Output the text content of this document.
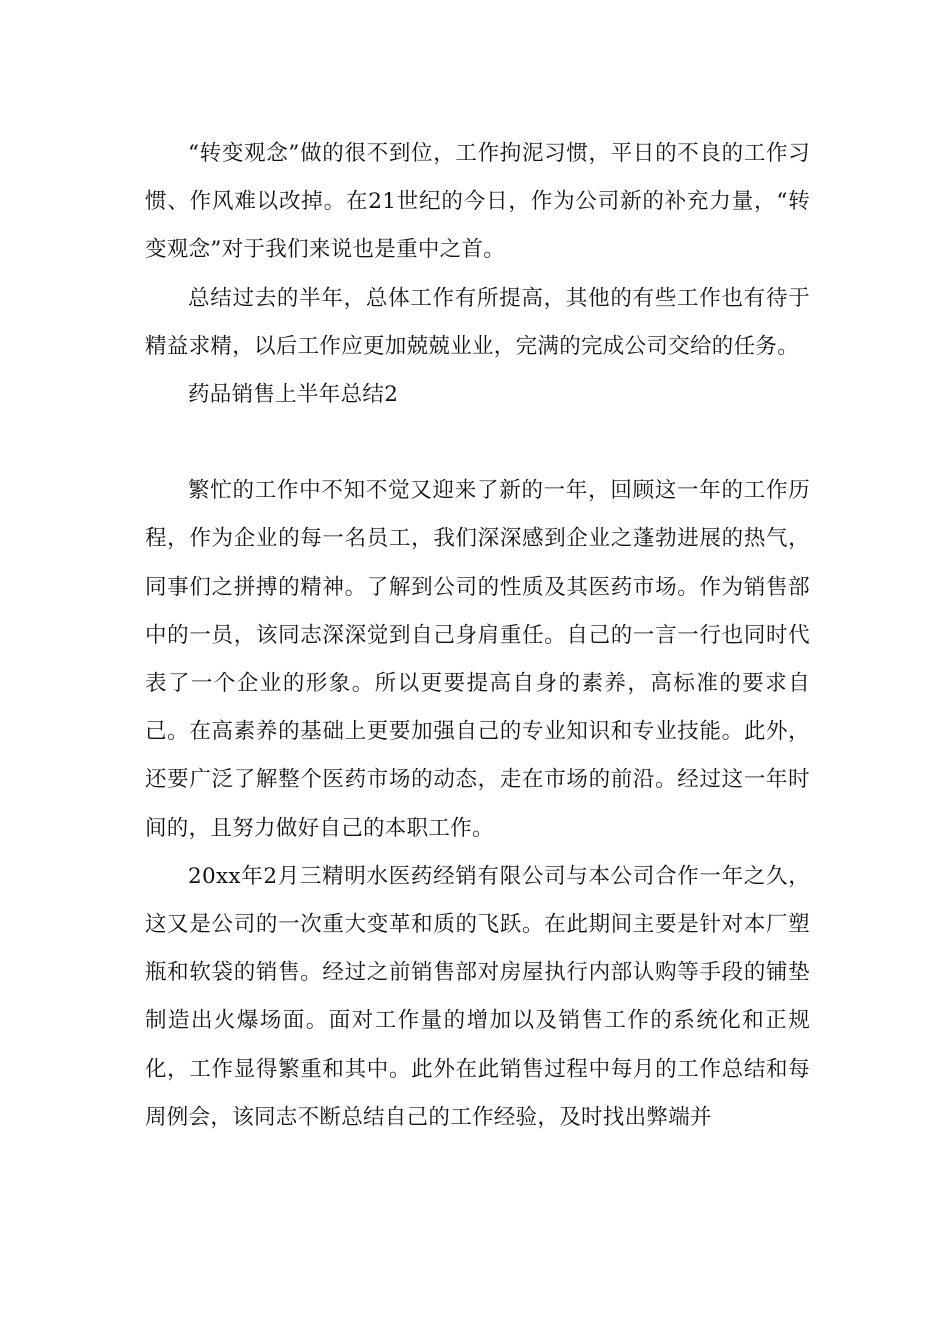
“转变观念”做的很不到位，工作拘泥习惯，平日的不良的工作习惯、作风难以改掉。在21世纪的今日，作为公司新的补充力量，“转变观念”对于我们来说也是重中之首。

总结过去的半年，总体工作有所提高，其他的有些工作也有待于精益求精，以后工作应更加兢兢业业，完满的完成公司交给的任务。

药品销售上半年总结2

繁忙的工作中不知不觉又迎来了新的一年，回顾这一年的工作历程，作为企业的每一名员工，我们深深感到企业之蓬勃进展的热气，同事们之拼搏的精神。了解到公司的性质及其医药市场。作为销售部中的一员，该同志深深觉到自己身肩重任。自己的一言一行也同时代表了一个企业的形象。所以更要提高自身的素养，高标准的要求自己。在高素养的基础上更要加强自己的专业知识和专业技能。此外，还要广泛了解整个医药市场的动态，走在市场的前沿。经过这一年时间的，且努力做好自己的本职工作。

20xx年2月三精明水医药经销有限公司与本公司合作一年之久，这又是公司的一次重大变革和质的飞跃。在此期间主要是针对本厂塑瓶和软袋的销售。经过之前销售部对房屋执行内部认购等手段的铺垫制造出火爆场面。面对工作量的增加以及销售工作的系统化和正规化，工作显得繁重和其中。此外在此销售过程中每月的工作总结和每周例会，该同志不断总结自己的工作经验，及时找出弊端并
